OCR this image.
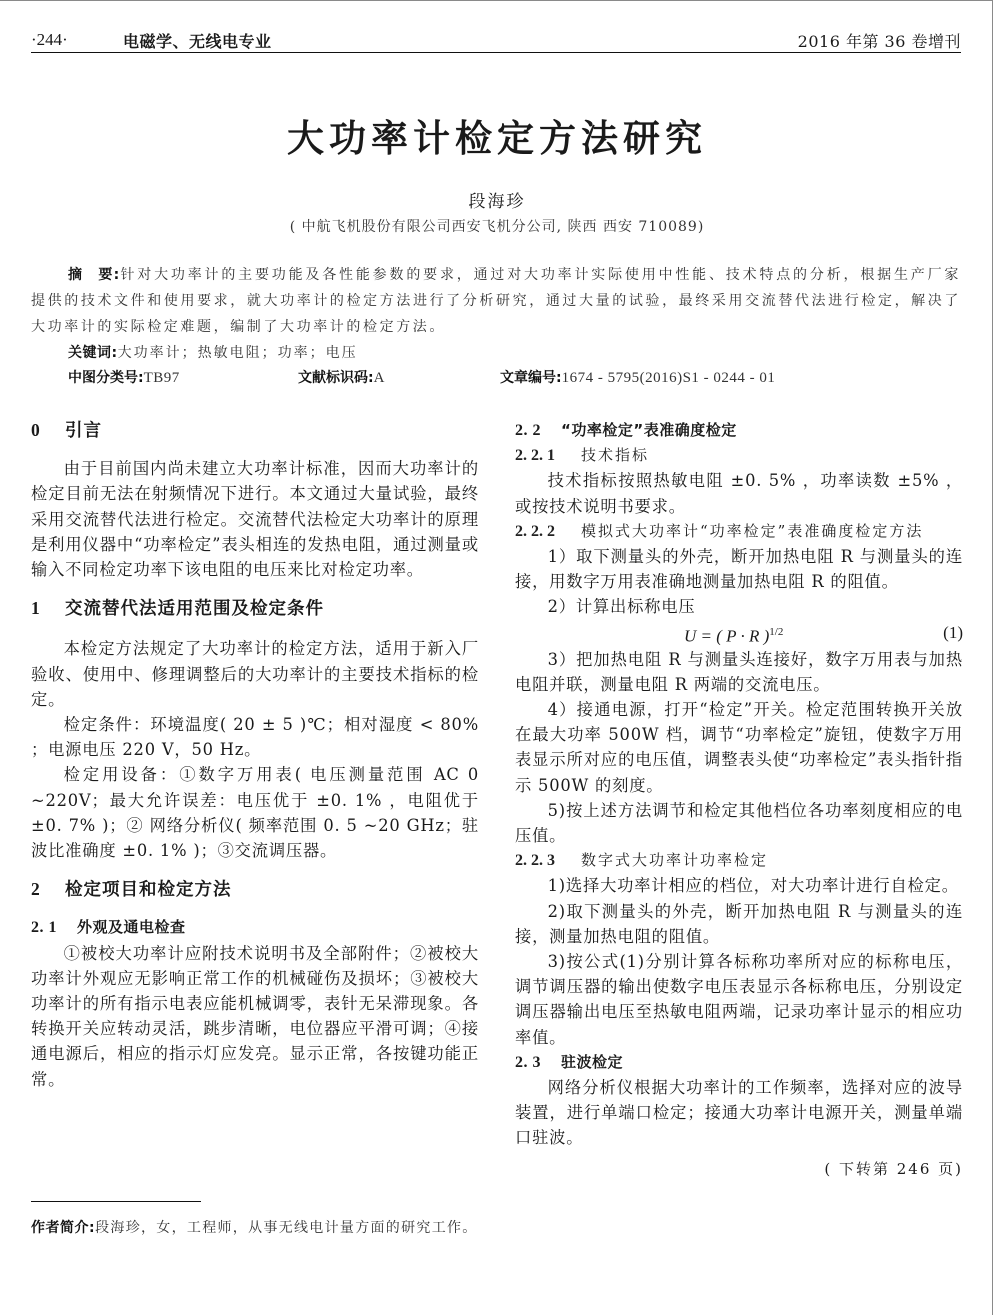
·244·	电磁学、无线电专业	2016 年第 36 卷增刊
大功率计检定方法研究
段海珍
( 中航飞机股份有限公司西安飞机分公司, 陕西 西安 710089)
摘　要:针对大功率计的主要功能及各性能参数的要求，通过对大功率计实际使用中性能、技术特点的分析，根据生产厂家提供的技术文件和使用要求，就大功率计的检定方法进行了分析研究，通过大量的试验，最终采用交流替代法进行检定，解决了大功率计的实际检定难题，编制了大功率计的检定方法。
关键词:大功率计；热敏电阻；功率；电压
中图分类号:TB97	文献标识码:A	文章编号:1674 - 5795(2016)S1 - 0244 - 01
0 引言

由于目前国内尚未建立大功率计标准，因而大功率计的检定目前无法在射频情况下进行。本文通过大量试验，最终采用交流替代法进行检定。交流替代法检定大功率计的原理是利用仪器中“功率检定”表头相连的发热电阻，通过测量或输入不同检定功率下该电阻的电压来比对检定功率。

1 交流替代法适用范围及检定条件

本检定方法规定了大功率计的检定方法，适用于新入厂验收、使用中、修理调整后的大功率计的主要技术指标的检定。

检定条件：环境温度( 20 ± 5 )℃；相对湿度 < 80% ；电源电压 220 V，50 Hz。

检定用设备：①数字万用表( 电压测量范围 AC 0 ~220V；最大允许误差：电压优于 ±0. 1% ，电阻优于 ±0. 7% )；② 网络分析仪( 频率范围 0. 5 ~20 GHz；驻波比准确度 ±0. 1% )；③交流调压器。

2 检定项目和检定方法
2. 1 外观及通电检查

①被校大功率计应附技术说明书及全部附件；②被校大功率计外观应无影响正常工作的机械碰伤及损坏；③被校大功率计的所有指示电表应能机械调零，表针无呆滞现象。各转换开关应转动灵活，跳步清晰，电位器应平滑可调；④接通电源后，相应的指示灯应发亮。显示正常，各按键功能正常。

作者简介:段海珍，女，工程师，从事无线电计量方面的研究工作。
2. 2 “功率检定”表准确度检定
2. 2. 1 技术指标

技术指标按照热敏电阻 ±0. 5% ，功率读数 ±5% ，或按技术说明书要求。

2. 2. 2 模拟式大功率计“功率检定”表准确度检定方法

1）取下测量头的外壳，断开加热电阻 R 与测量头的连接，用数字万用表准确地测量加热电阻 R 的阻值。

2）计算出标称电压

U = ( P · R )$^{1/2}$	(1)

3）把加热电阻 R 与测量头连接好，数字万用表与加热电阻并联，测量电阻 R 两端的交流电压。

4）接通电源，打开“检定”开关。检定范围转换开关放在最大功率 500W 档，调节“功率检定”旋钮，使数字万用表显示所对应的电压值，调整表头使“功率检定”表头指针指示 500W 的刻度。

5)按上述方法调节和检定其他档位各功率刻度相应的电压值。

2. 2. 3 数字式大功率计功率检定

1)选择大功率计相应的档位，对大功率计进行自检定。

2)取下测量头的外壳，断开加热电阻 R 与测量头的连接，测量加热电阻的阻值。

3)按公式(1)分别计算各标称功率所对应的标称电压，调节调压器的输出使数字电压表显示各标称电压，分别设定调压器输出电压至热敏电阻两端，记录功率计显示的相应功率值。

2. 3 驻波检定

网络分析仪根据大功率计的工作频率，选择对应的波导装置，进行单端口检定；接通大功率计电源开关，测量单端口驻波。

( 下转第 246 页)
